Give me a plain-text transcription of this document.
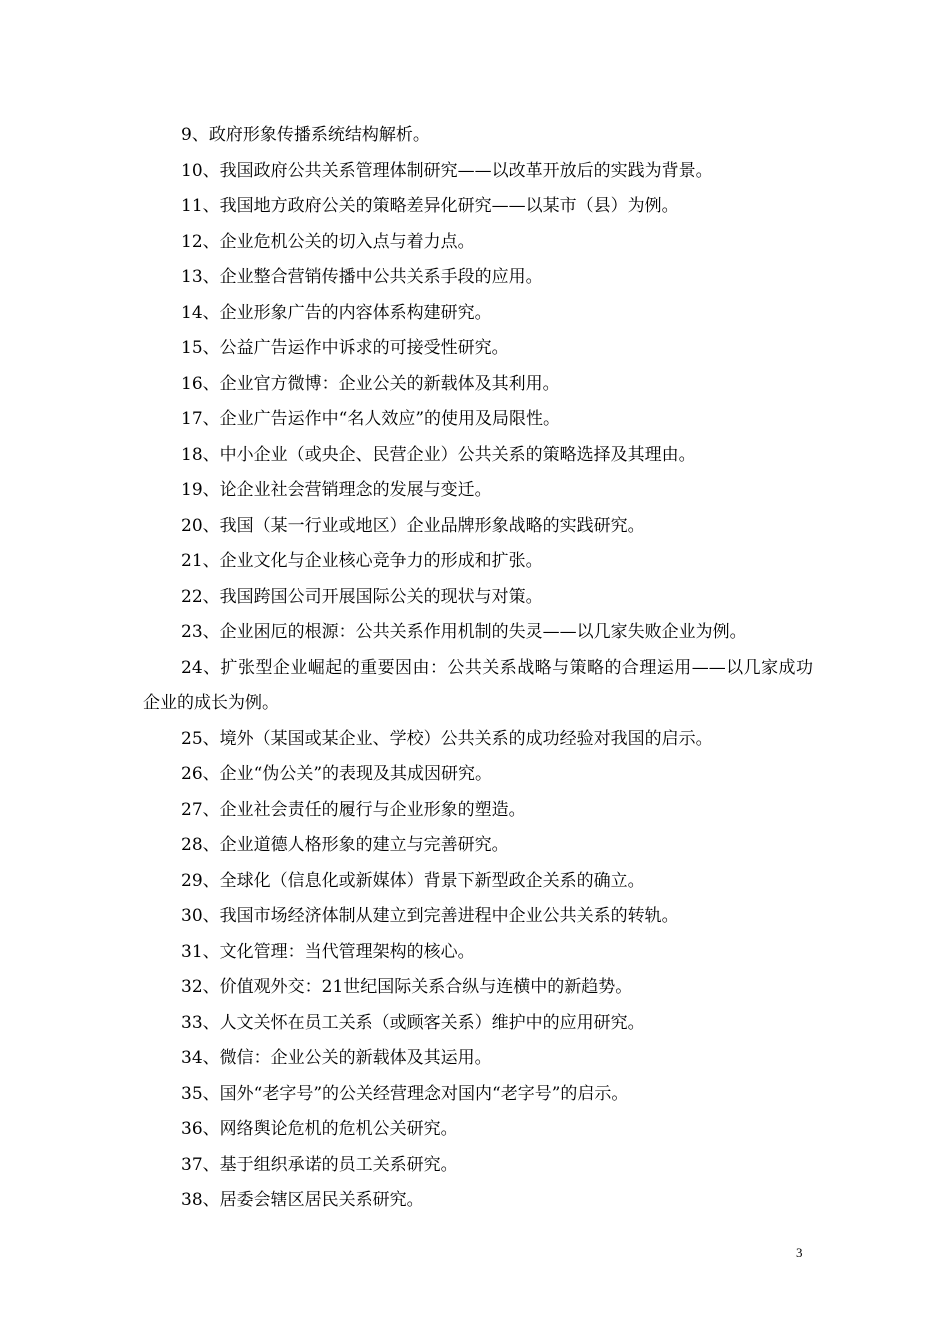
9、政府形象传播系统结构解析。

10、我国政府公共关系管理体制研究——以改革开放后的实践为背景。

11、我国地方政府公关的策略差异化研究——以某市（县）为例。

12、企业危机公关的切入点与着力点。

13、企业整合营销传播中公共关系手段的应用。

14、企业形象广告的内容体系构建研究。

15、公益广告运作中诉求的可接受性研究。

16、企业官方微博：企业公关的新载体及其利用。

17、企业广告运作中“名人效应”的使用及局限性。

18、中小企业（或央企、民营企业）公共关系的策略选择及其理由。

19、论企业社会营销理念的发展与变迁。

20、我国（某一行业或地区）企业品牌形象战略的实践研究。

21、企业文化与企业核心竞争力的形成和扩张。

22、我国跨国公司开展国际公关的现状与对策。

23、企业困厄的根源：公共关系作用机制的失灵——以几家失败企业为例。

24、扩张型企业崛起的重要因由：公共关系战略与策略的合理运用——以几家成功企业的成长为例。

25、境外（某国或某企业、学校）公共关系的成功经验对我国的启示。

26、企业“伪公关”的表现及其成因研究。

27、企业社会责任的履行与企业形象的塑造。

28、企业道德人格形象的建立与完善研究。

29、全球化（信息化或新媒体）背景下新型政企关系的确立。

30、我国市场经济体制从建立到完善进程中企业公共关系的转轨。

31、文化管理：当代管理架构的核心。

32、价值观外交：21世纪国际关系合纵与连横中的新趋势。

33、人文关怀在员工关系（或顾客关系）维护中的应用研究。

34、微信：企业公关的新载体及其运用。

35、国外“老字号”的公关经营理念对国内“老字号”的启示。

36、网络舆论危机的危机公关研究。

37、基于组织承诺的员工关系研究。

38、居委会辖区居民关系研究。

3
